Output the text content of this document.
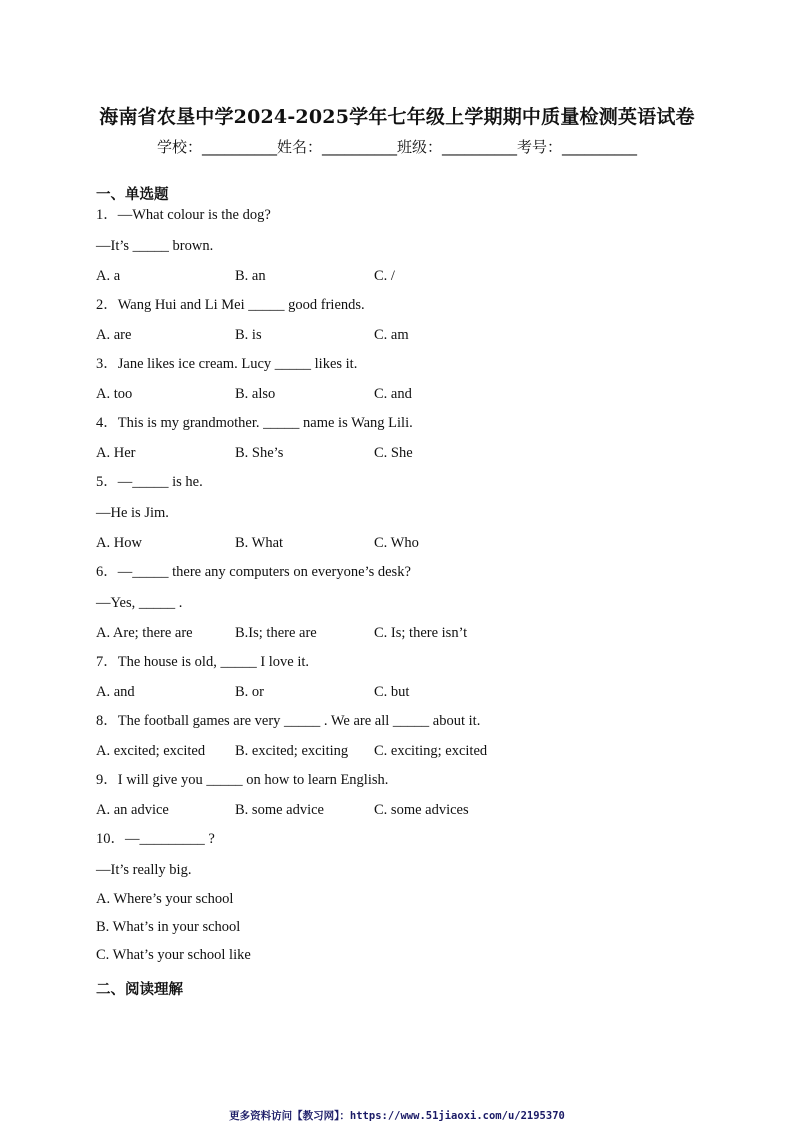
海南省农垦中学2024-2025学年七年级上学期期中质量检测英语试卷
学校：__________姓名：__________班级：__________考号：__________
一、单选题
1．—What colour is the dog?
—It’s _____ brown.
A. a	B. an	C. /
2．Wang Hui and Li Mei _____ good friends.
A. are	B. is	C. am
3．Jane likes ice cream. Lucy _____ likes it.
A. too	B. also	C. and
4．This is my grandmother. _____ name is Wang Lili.
A. Her	B. She’s	C. She
5．—_____ is he.
—He is Jim.
A. How	B. What	C. Who
6．—_____ there any computers on everyone’s desk?
—Yes, _____ .
A. Are; there are	B.Is; there are	C. Is; there isn’t
7．The house is old, _____ I love it.
A. and	B. or	C. but
8．The football games are very _____ . We are all _____ about it.
A. excited; excited B. excited; exciting C. exciting; excited
9．I will give you _____ on how to learn English.
A. an advice	B. some advice	C. some advices
10．—_________ ?
—It’s really big.
A. Where’s your school
B. What’s in your school
C. What’s your school like
二、阅读理解
更多资料访问【教习网】：https://www.51jiaoxi.com/u/2195370
